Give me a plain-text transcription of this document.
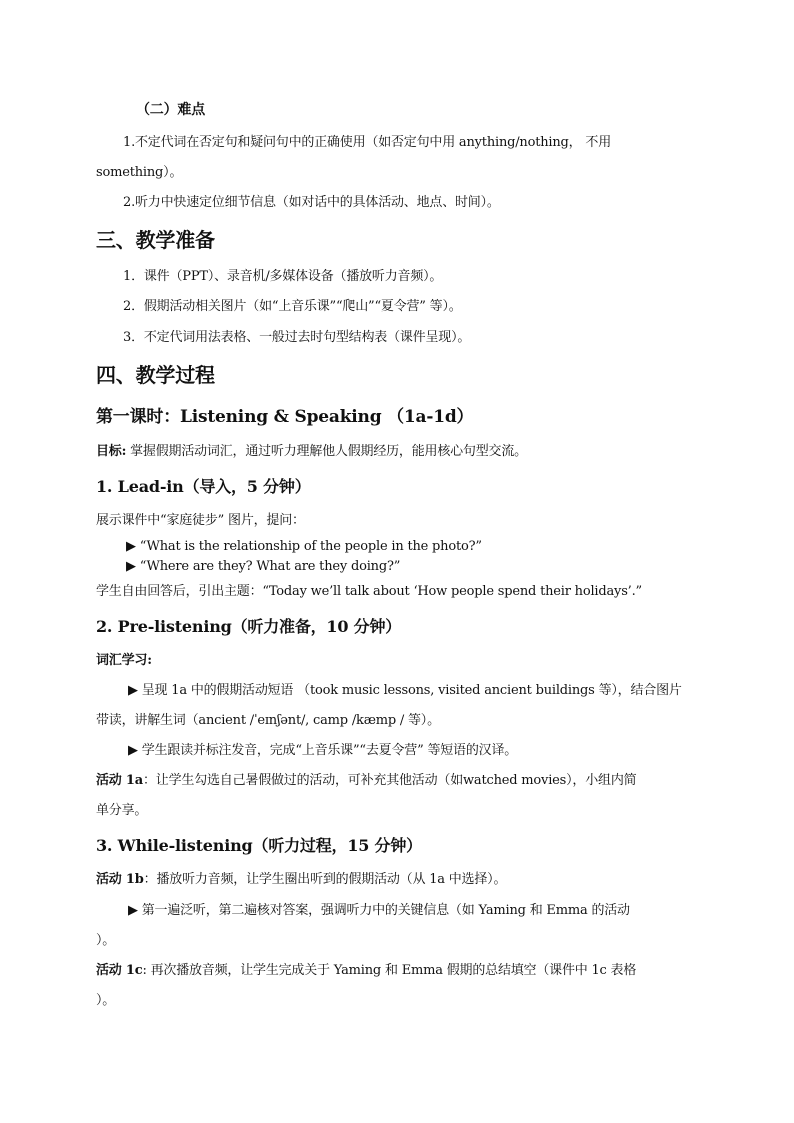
（二）难点
1.不定代词在否定句和疑问句中的正确使用（如否定句中用 anything/nothing， 不用
something）。
2.听力中快速定位细节信息（如对话中的具体活动、地点、时间）。
三、教学准备
1．课件（PPT）、录音机/多媒体设备（播放听力音频）。
2．假期活动相关图片（如“上音乐课”“爬山”“夏令营” 等）。
3．不定代词用法表格、一般过去时句型结构表（课件呈现）。
四、教学过程
第一课时：Listening & Speaking （1a-1d）
目标: 掌握假期活动词汇，通过听力理解他人假期经历，能用核心句型交流。
1. Lead-in（导入，5 分钟）
展示课件中“家庭徒步” 图片，提问：
▶ “What is the relationship of the people in the photo?”
▶ “Where are they? What are they doing?”
学生自由回答后，引出主题：“Today we’ll talk about ‘How people spend their holidays’.”
2. Pre-listening（听力准备，10 分钟）
词汇学习:
▶ 呈现 1a 中的假期活动短语 （took music lessons, visited ancient buildings 等），结合图片
带读，讲解生词（ancient /ˈeɪnʃənt/, camp /kæmp / 等）。
▶ 学生跟读并标注发音，完成“上音乐课”“去夏令营” 等短语的汉译。
活动 1a：让学生勾选自己暑假做过的活动，可补充其他活动（如watched movies），小组内简
单分享。
3. While-listening（听力过程，15 分钟）
活动 1b：播放听力音频，让学生圈出听到的假期活动（从 1a 中选择）。
▶ 第一遍泛听，第二遍核对答案，强调听力中的关键信息（如 Yaming 和 Emma 的活动
）。
活动 1c: 再次播放音频，让学生完成关于 Yaming 和 Emma 假期的总结填空（课件中 1c 表格
）。
